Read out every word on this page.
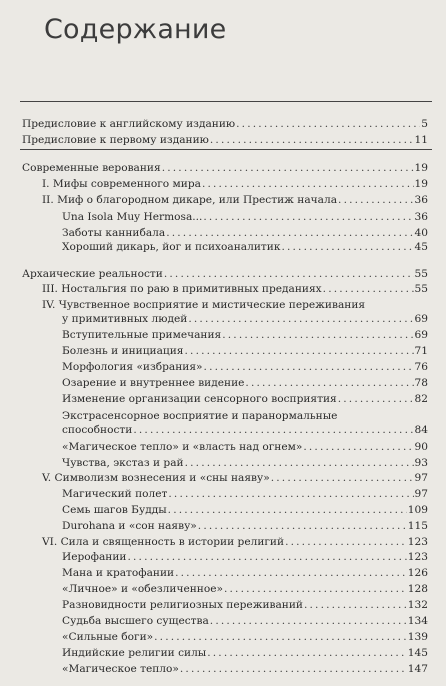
Содержание
Предисловие к английскому изданию . . .	5
Предисловие к первому изданию . . .	11
Современные верования . . .	19
I. Мифы современного мира . . .	19
II. Миф о благородном дикаре, или Престиж начала . . .	36
Una Isola Muy Hermosa... . . .	36
Заботы каннибала . . .	40
Хороший дикарь, йог и психоаналитик . . .	45
Архаические реальности . . .	55
III. Ностальгия по раю в примитивных преданиях . . .	55
IV. Чувственное восприятие и мистические переживания
у примитивных людей . . .	69
Вступительные примечания . . .	69
Болезнь и инициация . . .	71
Морфология «избрания» . . .	76
Озарение и внутреннее видение . . .	78
Изменение организации сенсорного восприятия . . .	82
Экстрасенсорное восприятие и паранормальные
способности . . .	84
«Магическое тепло» и «власть над огнем» . . .	90
Чувства, экстаз и рай . . .	93
V. Символизм вознесения и «сны наяву» . . .	97
Магический полет . . .	97
Семь шагов Будды . . .	109
Durohana и «сон наяву» . . .	115
VI. Сила и священность в истории религий . . .	123
Иерофании . . .	123
Мана и кратофании . . .	126
«Личное» и «обезличенное» . . .	128
Разновидности религиозных переживаний . . .	132
Судьба высшего существа . . .	134
«Сильные боги» . . .	139
Индийские религии силы . . .	145
«Магическое тепло» . . .	147
